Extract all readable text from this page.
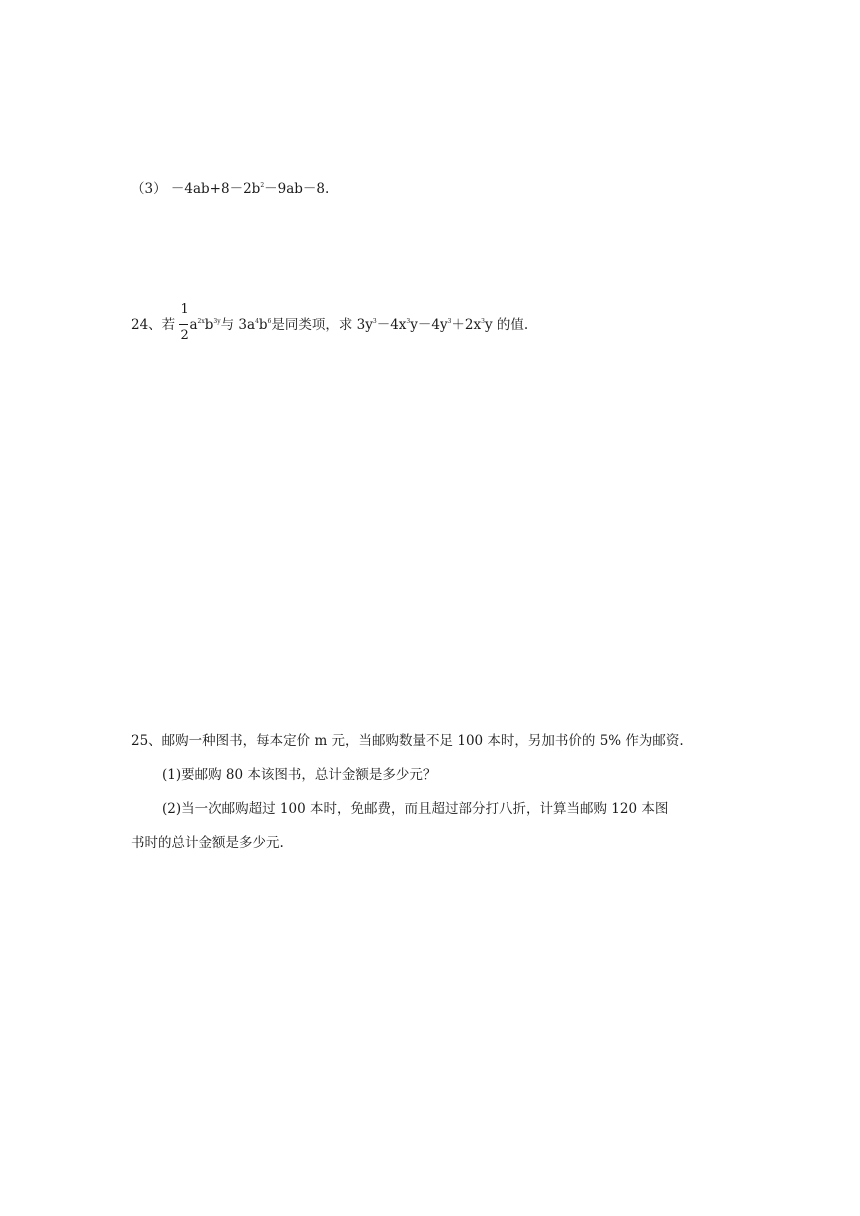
$(3) -4ab+8-2b^2-9ab-8$.
24、若 $\frac{1}{2} a^{2x}b^{3y}$与 $3a^4b^6$是同类项，求 $3y^3-4x^3y-4y^3+2x^3y$ 的值.
25、邮购一种图书，每本定价 m 元，当邮购数量不足 100 本时，另加书价的 5% 作为邮资.
(1)要邮购 80 本该图书，总计金额是多少元？
(2)当一次邮购超过 100 本时，免邮费，而且超过部分打八折，计算当邮购 120 本图
书时的总计金额是多少元.
